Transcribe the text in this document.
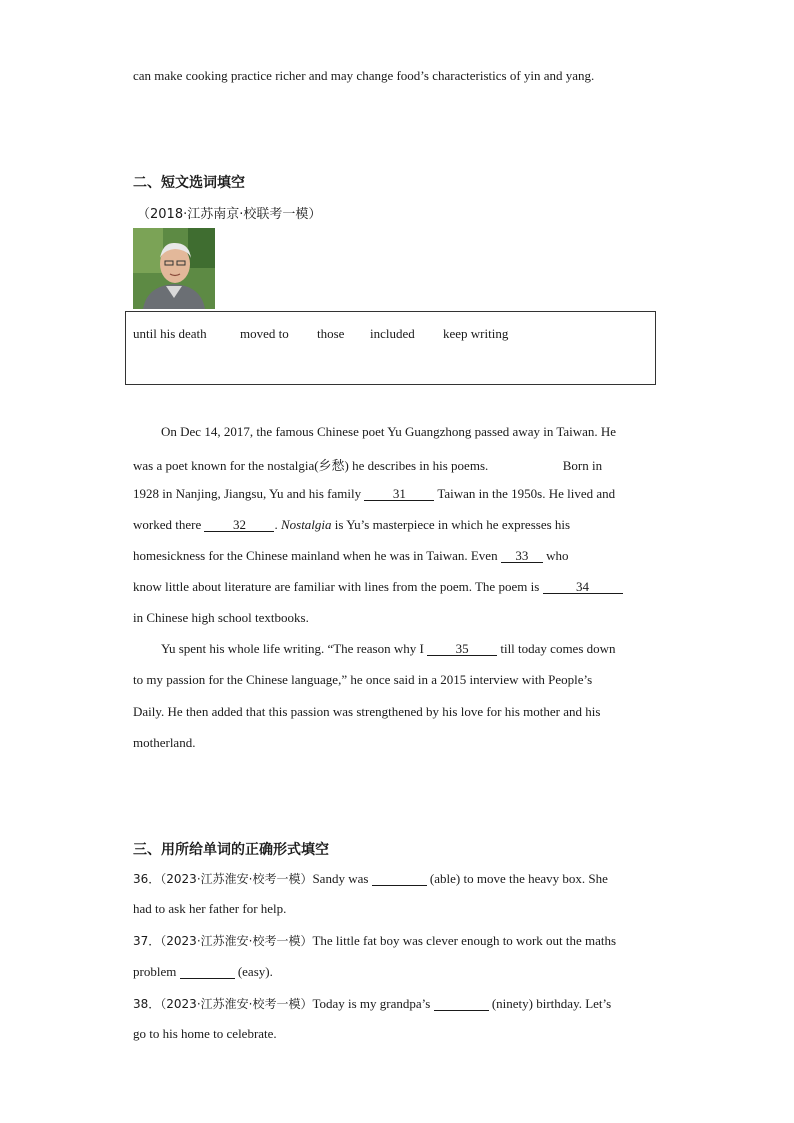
can make cooking practice richer and may change food’s characteristics of yin and yang.
二、短文选词填空
（2018·江苏南京·校联考一模）
until his death	moved to those included keep writing
On Dec 14, 2017, the famous Chinese poet Yu Guangzhong passed away in Taiwan. He
was a poet known for the nostalgia(乡愁) he describes in his poems.	Born in
1928 in Nanjing, Jiangsu, Yu and his family 31 Taiwan in the 1950s. He lived and
worked there 32 . Nostalgia is Yu’s masterpiece in which he expresses his
homesickness for the Chinese mainland when he was in Taiwan. Even 33 who
know little about literature are familiar with lines from the poem. The poem is	34
in Chinese high school textbooks.
Yu spent his whole life writing. “The reason why I 35 till today comes down
to my passion for the Chinese language,” he once said in a 2015 interview with People’s
Daily. He then added that this passion was strengthened by his love for his mother and his
motherland.
三、用所给单词的正确形式填空
36．（2023·江苏淮安·校考一模）Sandy was	(able) to move the heavy box. She
had to ask her father for help.
37．（2023·江苏淮安·校考一模）The little fat boy was clever enough to work out the maths
problem	(easy).
38．（2023·江苏淮安·校考一模）Today is my grandpa’s	(ninety) birthday. Let’s
go to his home to celebrate.
